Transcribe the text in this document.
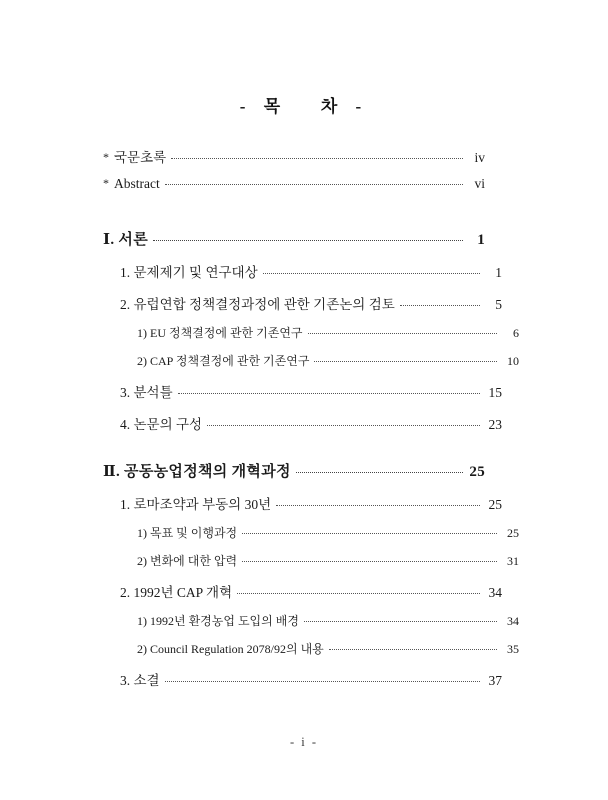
- 목   차 -
* 국문초록	iv
* Abstract	vi
Ⅰ. 서론	1
1. 문제제기 및 연구대상	1
2. 유럽연합 정책결정과정에 관한 기존논의 검토	5
1) EU 정책결정에 관한 기존연구	6
2) CAP 정책결정에 관한 기존연구	10
3. 분석틀	15
4. 논문의 구성	23
Ⅱ. 공동농업정책의 개혁과정	25
1. 로마조약과 부동의 30년	25
1) 목표 및 이행과정	25
2) 변화에 대한 압력	31
2. 1992년 CAP 개혁	34
1) 1992년 환경농업 도입의 배경	34
2) Council Regulation 2078/92의 내용	35
3. 소결	37
- i -
